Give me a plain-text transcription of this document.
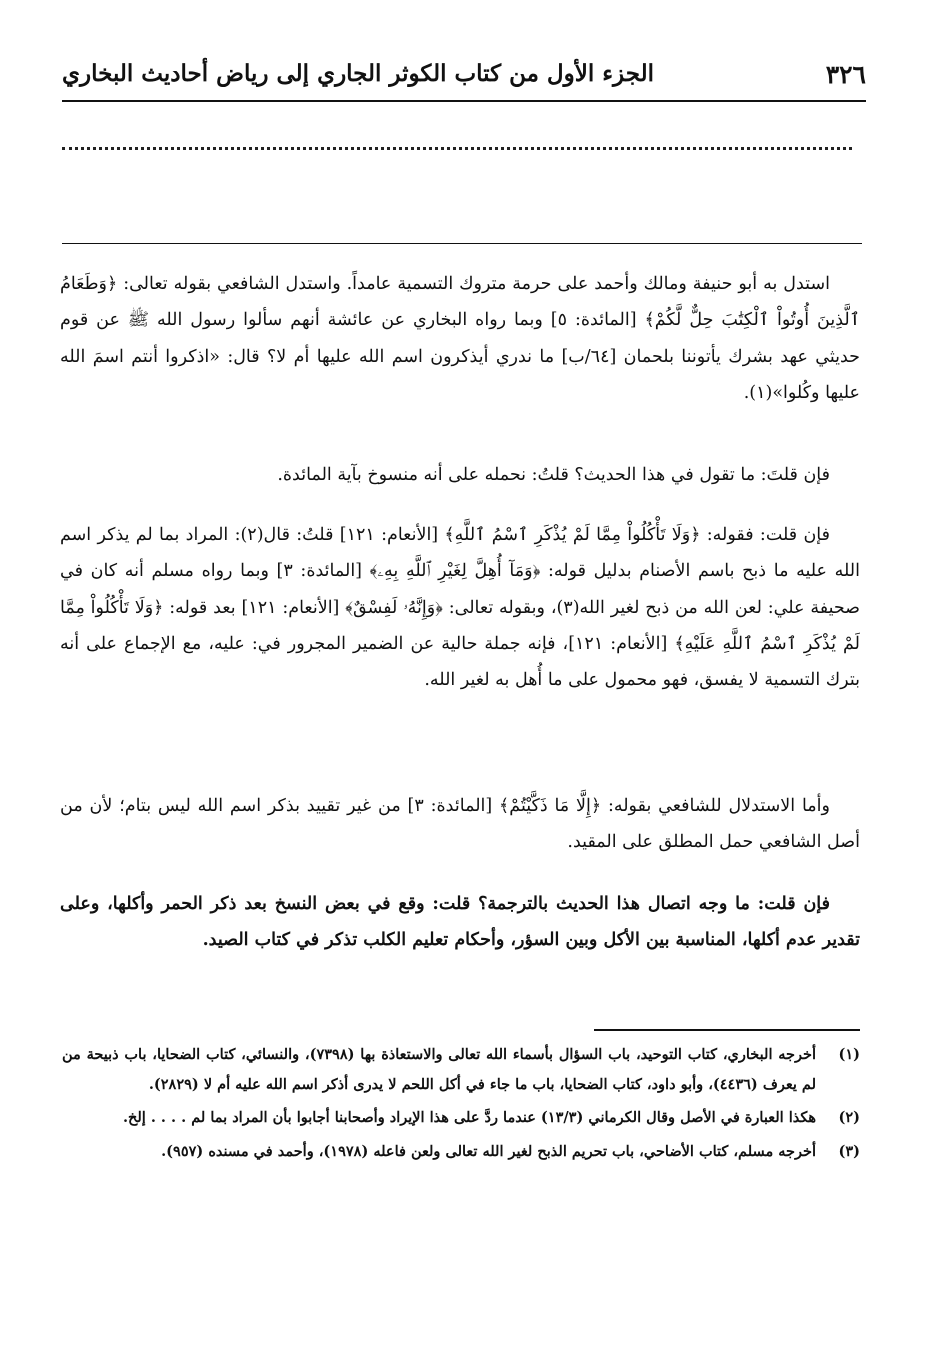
٣٢٦
الجزء الأول من كتاب الكوثر الجاري إلى رياض أحاديث البخاري

استدل به أبو حنيفة ومالك وأحمد على حرمة متروك التسمية عامداً. واستدل الشافعي بقوله تعالى: ﴿وَطَعَامُ ٱلَّذِينَ أُوتُواْ ٱلْكِتَٰبَ حِلٌّ لَّكُمْ﴾ [المائدة: ٥] وبما رواه البخاري عن عائشة أنهم سألوا رسول الله ﷺ عن قوم حديثي عهد بشرك يأتوننا بلحمان [٦٤/ب] ما ندري أيذكرون اسم الله عليها أم لا؟ قال: «اذكروا أنتم اسمَ الله عليها وكُلوا»(١).

فإن قلتَ: ما تقول في هذا الحديث؟ قلتُ: نحمله على أنه منسوخ بآية المائدة.

فإن قلت: فقوله: ﴿وَلَا تَأْكُلُواْ مِمَّا لَمْ يُذْكَرِ ٱسْمُ ٱللَّهِ﴾ [الأنعام: ١٢١] قلتُ: قال(٢): المراد بما لم يذكر اسم الله عليه ما ذبح باسم الأصنام بدليل قوله: ﴿وَمَآ أُهِلَّ لِغَيْرِ ٱللَّهِ بِهِۦ﴾ [المائدة: ٣] وبما رواه مسلم أنه كان في صحيفة علي: لعن الله من ذبح لغير الله(٣)، وبقوله تعالى: ﴿وَإِنَّهُۥ لَفِسْقٌ﴾ [الأنعام: ١٢١] بعد قوله: ﴿وَلَا تَأْكُلُواْ مِمَّا لَمْ يُذْكَرِ ٱسْمُ ٱللَّهِ عَلَيْهِ﴾ [الأنعام: ١٢١]، فإنه جملة حالية عن الضمير المجرور في: عليه، مع الإجماع على أنه بترك التسمية لا يفسق، فهو محمول على ما أُهل به لغير الله.

وأما الاستدلال للشافعي بقوله: ﴿إِلَّا مَا ذَكَّيْتُمْ﴾ [المائدة: ٣] من غير تقييد بذكر اسم الله ليس بتام؛ لأن من أصل الشافعي حمل المطلق على المقيد.

فإن قلت: ما وجه اتصال هذا الحديث بالترجمة؟ قلت: وقع في بعض النسخ بعد ذكر الحمر وأكلها، وعلى تقدير عدم أكلها، المناسبة بين الأكل وبين السؤر، وأحكام تعليم الكلب تذكر في كتاب الصيد.

(١)
أخرجه البخاري، كتاب التوحيد، باب السؤال بأسماء الله تعالى والاستعاذة بها (٧٣٩٨)، والنسائي، كتاب الضحايا، باب ذبيحة من لم يعرف (٤٤٣٦)، وأبو داود، كتاب الضحايا، باب ما جاء في أكل اللحم لا يدرى أذكر اسم الله عليه أم لا (٢٨٢٩).
(٢)
هكذا العبارة في الأصل وقال الكرماني (١٣/٣) عندما ردَّ على هذا الإيراد وأصحابنا أجابوا بأن المراد بما لم . . . . إلخ.
(٣)
أخرجه مسلم، كتاب الأضاحي، باب تحريم الذبح لغير الله تعالى ولعن فاعله (١٩٧٨)، وأحمد في مسنده (٩٥٧).
